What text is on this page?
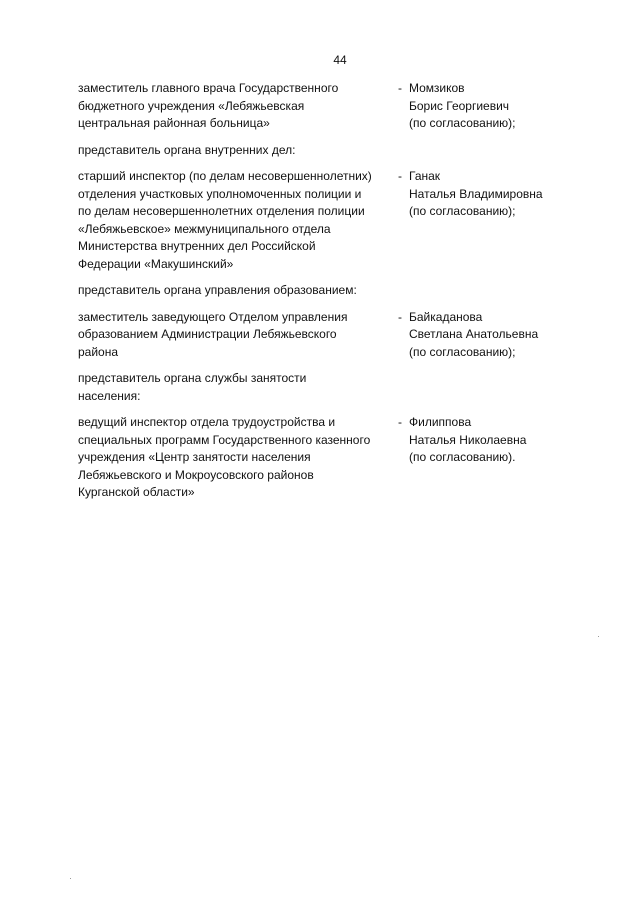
44
заместитель главного врача Государственного
бюджетного учреждения «Лебяжьевская
центральная районная больница»
- Момзиков
Борис Георгиевич
(по согласованию);
представитель органа внутренних дел:
старший инспектор (по делам несовершеннолетних)
отделения участковых уполномоченных полиции и
по делам несовершеннолетних отделения полиции
«Лебяжьевское» межмуниципального отдела
Министерства внутренних дел Российской
Федерации «Макушинский»
- Ганак
Наталья Владимировна
(по согласованию);
представитель органа управления образованием:
заместитель заведующего Отделом управления
образованием Администрации Лебяжьевского
района
- Байкаданова
Светлана Анатольевна
(по согласованию);
представитель органа службы занятости
населения:
ведущий инспектор отдела трудоустройства и
специальных программ Государственного казенного
учреждения «Центр занятости населения
Лебяжьевского и Мокроусовского районов
Курганской области»
- Филиппова
Наталья Николаевна
(по согласованию).
